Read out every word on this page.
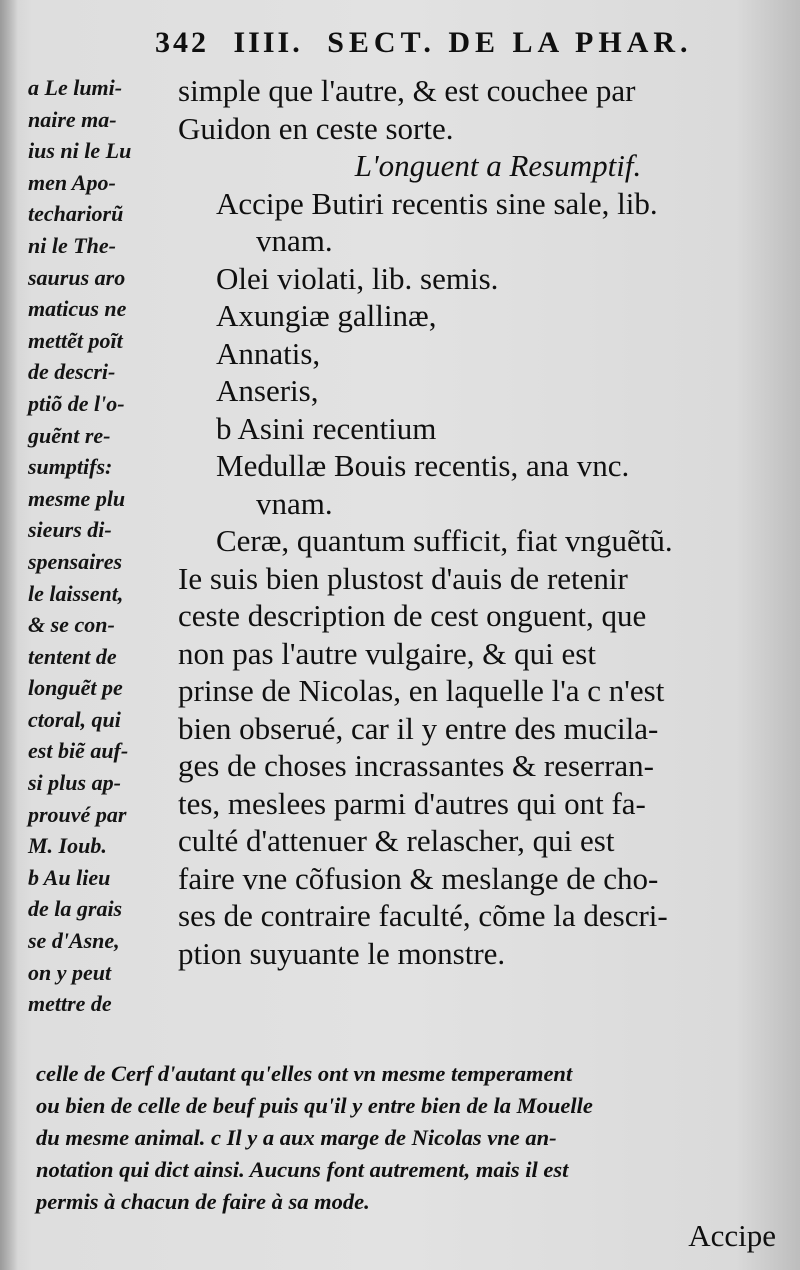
342 IIII. SECT. DE LA PHAR.
a Le lumi-
naire ma-
ius ni le Lu
men Apo-
techariorũ
ni le The-
saurus aro
maticus ne
mettẽt poĩt
de descri-
ptiõ de l'o-
guẽnt re-
sumptifs:
mesme plu
sieurs di-
spensaires
le laissent,
& se con-
tentent de
longuẽt pe
ctoral, qui
est biẽ auf-
si plus ap-
prouvé par
M. Ioub.
b Au lieu
de la grais
se d'Asne,
on y peut
mettre de
simple que l'autre, & est couchee par
Guidon en ceste sorte.
L'onguent a Resumptif.
Accipe Butiri recentis sine sale, lib.
vnam.
Olei violati, lib. semis.
Axungiæ gallinæ,
Annatis,
Anseris,
b Asini recentium
Medullæ Bouis recentis, ana vnc.
vnam.
Ceræ, quantum sufficit, fiat vnguẽtũ.
Ie suis bien plustost d'auis de retenir
ceste description de cest onguent, que
non pas l'autre vulgaire, & qui est
prinse de Nicolas, en laquelle l'a c n'est
bien obserué, car il y entre des mucila-
ges de choses incrassantes & reserran-
tes, meslees parmi d'autres qui ont fa-
culté d'attenuer & relascher, qui est
faire vne cõfusion & meslange de cho-
ses de contraire faculté, cõme la descri-
ption suyuante le monstre.
celle de Cerf d'autant qu'elles ont vn mesme temperament
ou bien de celle de beuf puis qu'il y entre bien de la Mouelle
du mesme animal. c Il y a aux marge de Nicolas vne an-
notation qui dict ainsi. Aucuns font autrement, mais il est
permis à chacun de faire à sa mode.
Accipe
